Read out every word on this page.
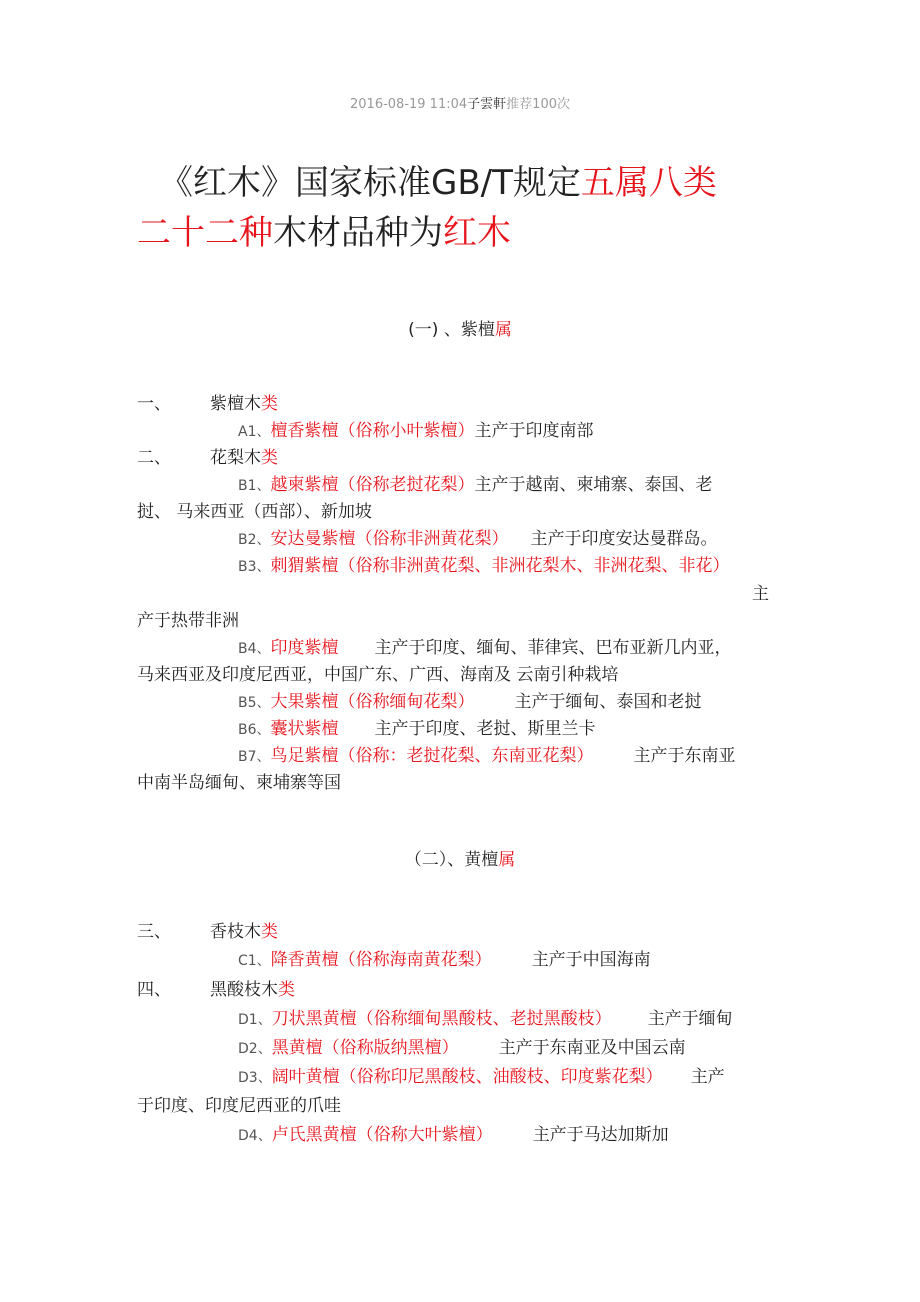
2016-08-19 11:04子雲軒推荐100次
《红木》国家标准GB/T规定五属八类
二十二种木材品种为红木
(一) 、紫檀属
一、 紫檀木类
A1、檀香紫檀（俗称小叶紫檀）主产于印度南部
二、 花梨木类
B1、越柬紫檀（俗称老挝花梨）主产于越南、柬埔寨、泰国、老
挝、 马来西亚（西部）、新加坡
B2、安达曼紫檀（俗称非洲黄花梨） 主产于印度安达曼群岛。
B3、刺猬紫檀（俗称非洲黄花梨、非洲花梨木、非洲花梨、非花）
主
产于热带非洲
B4、印度紫檀 主产于印度、缅甸、菲律宾、巴布亚新几内亚，
马来西亚及印度尼西亚，中国广东、广西、海南及 云南引种栽培
B5、大果紫檀（俗称缅甸花梨） 主产于缅甸、泰国和老挝
B6、囊状紫檀 主产于印度、老挝、斯里兰卡
B7、鸟足紫檀（俗称：老挝花梨、东南亚花梨） 主产于东南亚
中南半岛缅甸、柬埔寨等国
（二）、黄檀属
三、 香枝木类
C1、降香黄檀（俗称海南黄花梨） 主产于中国海南
四、 黑酸枝木类
D1、刀状黑黄檀（俗称缅甸黑酸枝、老挝黑酸枝） 主产于缅甸
D2、黑黄檀（俗称版纳黑檀） 主产于东南亚及中国云南
D3、阔叶黄檀（俗称印尼黑酸枝、油酸枝、印度紫花梨） 主产
于印度、印度尼西亚的爪哇
D4、卢氏黑黄檀（俗称大叶紫檀） 主产于马达加斯加
